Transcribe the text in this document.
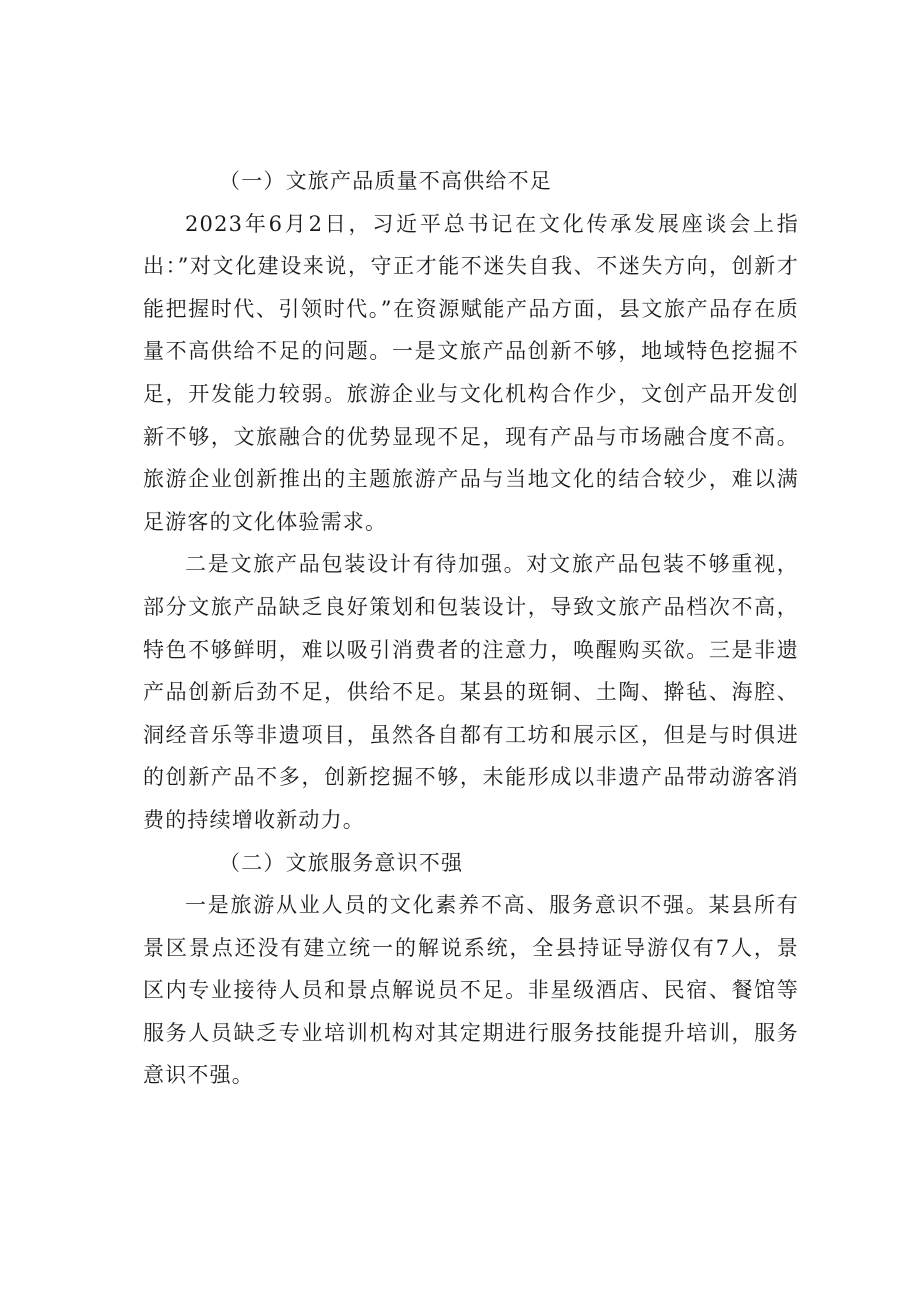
（一）文旅产品质量不高供给不足

2023年6月2日，习近平总书记在文化传承发展座谈会上指出：”对文化建设来说，守正才能不迷失自我、不迷失方向，创新才能把握时代、引领时代。”在资源赋能产品方面，县文旅产品存在质量不高供给不足的问题。一是文旅产品创新不够，地域特色挖掘不足，开发能力较弱。旅游企业与文化机构合作少，文创产品开发创新不够，文旅融合的优势显现不足，现有产品与市场融合度不高。旅游企业创新推出的主题旅游产品与当地文化的结合较少，难以满足游客的文化体验需求。

二是文旅产品包装设计有待加强。对文旅产品包装不够重视，部分文旅产品缺乏良好策划和包装设计，导致文旅产品档次不高，特色不够鲜明，难以吸引消费者的注意力，唤醒购买欲。三是非遗产品创新后劲不足，供给不足。某县的斑铜、土陶、擀毡、海腔、洞经音乐等非遗项目，虽然各自都有工坊和展示区，但是与时俱进的创新产品不多，创新挖掘不够，未能形成以非遗产品带动游客消费的持续增收新动力。

（二）文旅服务意识不强

一是旅游从业人员的文化素养不高、服务意识不强。某县所有景区景点还没有建立统一的解说系统，全县持证导游仅有7人，景区内专业接待人员和景点解说员不足。非星级酒店、民宿、餐馆等服务人员缺乏专业培训机构对其定期进行服务技能提升培训，服务意识不强。
